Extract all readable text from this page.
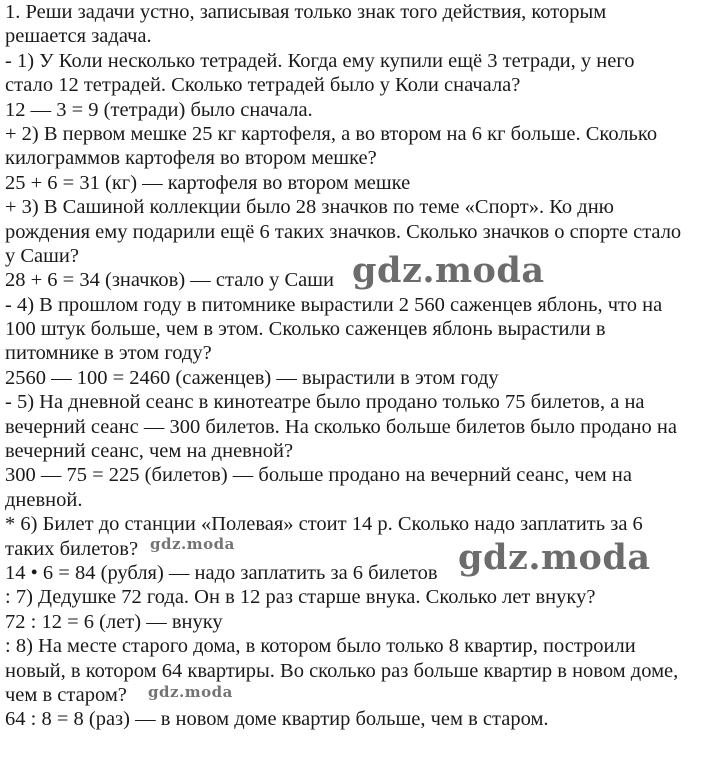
1. Реши задачи устно, записывая только знак того действия, которым
решается задача.
- 1) У Коли несколько тетрадей. Когда ему купили ещё 3 тетради, у него
стало 12 тетрадей. Сколько тетрадей было у Коли сначала?
12 — 3 = 9 (тетради) было сначала.
+ 2) В первом мешке 25 кг картофеля, а во втором на 6 кг больше. Сколько
килограммов картофеля во втором мешке?
25 + 6 = 31 (кг) — картофеля во втором мешке
+ 3) В Сашиной коллекции было 28 значков по теме «Спорт». Ко дню
рождения ему подарили ещё 6 таких значков. Сколько значков о спорте стало
у Саши?
28 + 6 = 34 (значков) — стало у Саши
- 4) В прошлом году в питомнике вырастили 2 560 саженцев яблонь, что на
100 штук больше, чем в этом. Сколько саженцев яблонь вырастили в
питомнике в этом году?
2560 — 100 = 2460 (саженцев) — вырастили в этом году
- 5) На дневной сеанс в кинотеатре было продано только 75 билетов, а на
вечерний сеанс — 300 билетов. На сколько больше билетов было продано на
вечерний сеанс, чем на дневной?
300 — 75 = 225 (билетов) — больше продано на вечерний сеанс, чем на
дневной.
* 6) Билет до станции «Полевая» стоит 14 р. Сколько надо заплатить за 6
таких билетов?
14 • 6 = 84 (рубля) — надо заплатить за 6 билетов
: 7) Дедушке 72 года. Он в 12 раз старше внука. Сколько лет внуку?
72 : 12 = 6 (лет) — внуку
: 8) На месте старого дома, в котором было только 8 квартир, построили
новый, в котором 64 квартиры. Во сколько раз больше квартир в новом доме,
чем в старом?
64 : 8 = 8 (раз) — в новом доме квартир больше, чем в старом.
gdz.moda
gdz.moda
gdz.moda
gdz.moda
